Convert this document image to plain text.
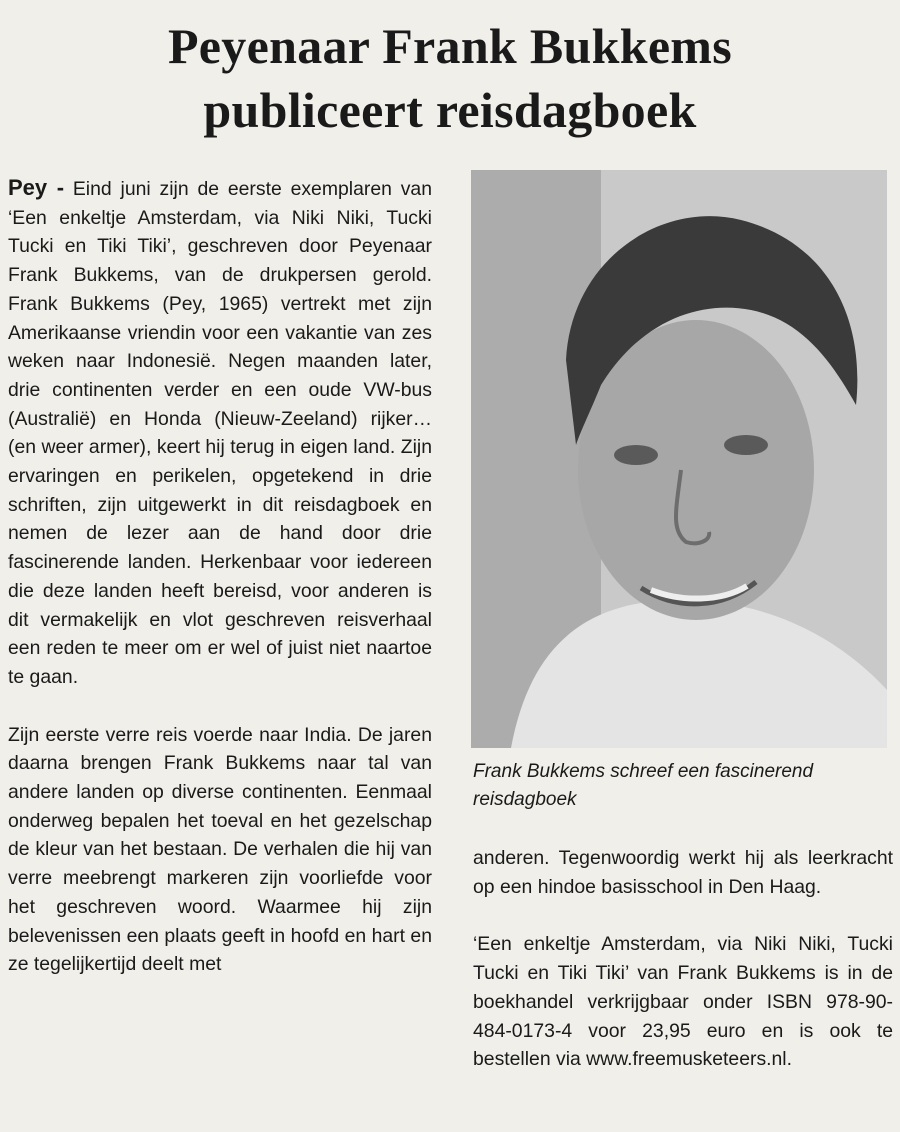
Peyenaar Frank Bukkems
publiceert reisdagboek

Pey - Eind juni zijn de eerste exemplaren van ‘Een enkeltje Amsterdam, via Niki Niki, Tucki Tucki en Tiki Tiki’, geschreven door Peyenaar Frank Bukkems, van de drukpersen gerold. Frank Bukkems (Pey, 1965) vertrekt met zijn Amerikaanse vriendin voor een vakantie van zes weken naar Indonesië. Negen maanden later, drie continenten verder en een oude VW-bus (Australië) en Honda (Nieuw-Zeeland) rijker… (en weer armer), keert hij terug in eigen land. Zijn ervaringen en perikelen, opgetekend in drie schriften, zijn uitgewerkt in dit reisdagboek en nemen de lezer aan de hand door drie fascinerende landen. Herkenbaar voor iedereen die deze landen heeft bereisd, voor anderen is dit vermakelijk en vlot geschreven reisverhaal een reden te meer om er wel of juist niet naartoe te gaan.

Zijn eerste verre reis voerde naar India. De jaren daarna brengen Frank Bukkems naar tal van andere landen op diverse continenten. Eenmaal onderweg bepalen het toeval en het gezelschap de kleur van het bestaan. De verhalen die hij van verre meebrengt markeren zijn voorliefde voor het geschreven woord. Waarmee hij zijn belevenissen een plaats geeft in hoofd en hart en ze tegelijkertijd deelt met

Frank Bukkems schreef een fascinerend reisdagboek

anderen. Tegenwoordig werkt hij als leerkracht op een hindoe basisschool in Den Haag.

‘Een enkeltje Amsterdam, via Niki Niki, Tucki Tucki en Tiki Tiki’ van Frank Bukkems is in de boekhandel verkrijgbaar onder ISBN 978-90-484-0173-4 voor 23,95 euro en is ook te bestellen via www.freemusketeers.nl.
